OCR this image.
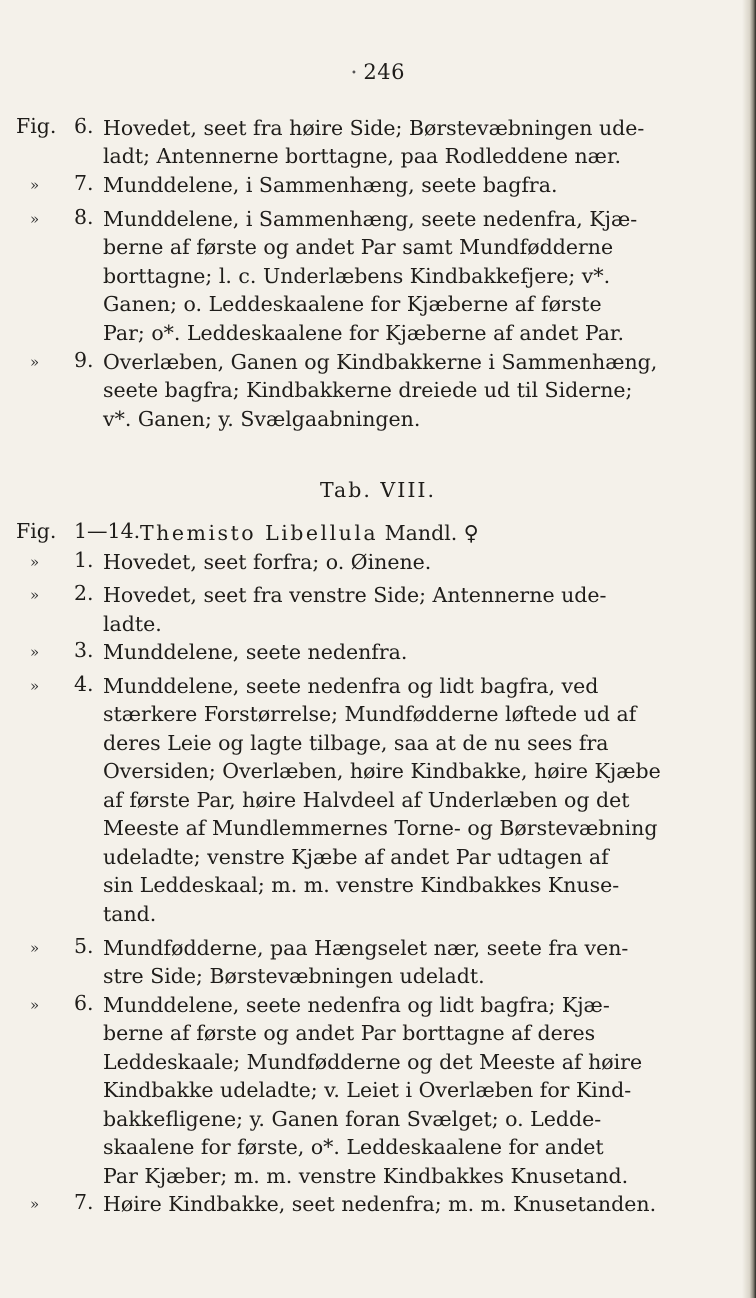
• 246
Fig. 6. Hovedet, seet fra høire Side; Børstevæbningen ude-
ladt; Antennerne borttagne, paa Rodleddene nær.
» 7. Munddelene, i Sammenhæng, seete bagfra.
» 8. Munddelene, i Sammenhæng, seete nedenfra, Kjæ-
berne af første og andet Par samt Mundfødderne
borttagne; l. c. Underlæbens Kindbakkefjere; v*.
Ganen; o. Leddeskaalene for Kjæberne af første
Par; o*. Leddeskaalene for Kjæberne af andet Par.
» 9. Overlæben, Ganen og Kindbakkerne i Sammenhæng,
seete bagfra; Kindbakkerne dreiede ud til Siderne;
v*. Ganen; y. Svælgaabningen.
Tab. VIII.
Fig. 1—14. Themisto Libellula Mandl. ♀
» 1. Hovedet, seet forfra; o. Øinene.
» 2. Hovedet, seet fra venstre Side; Antennerne ude-
ladte.
» 3. Munddelene, seete nedenfra.
» 4. Munddelene, seete nedenfra og lidt bagfra, ved
stærkere Forstørrelse; Mundfødderne løftede ud af
deres Leie og lagte tilbage, saa at de nu sees fra
Oversiden; Overlæben, høire Kindbakke, høire Kjæbe
af første Par, høire Halvdeel af Underlæben og det
Meeste af Mundlemmernes Torne- og Børstevæbning
udeladte; venstre Kjæbe af andet Par udtagen af
sin Leddeskaal; m. m. venstre Kindbakkes Knuse-
tand.
» 5. Mundfødderne, paa Hængselet nær, seete fra ven-
stre Side; Børstevæbningen udeladt.
» 6. Munddelene, seete nedenfra og lidt bagfra; Kjæ-
berne af første og andet Par borttagne af deres
Leddeskaale; Mundfødderne og det Meeste af høire
Kindbakke udeladte; v. Leiet i Overlæben for Kind-
bakkefligene; y. Ganen foran Svælget; o. Ledde-
skaalene for første, o*. Leddeskaalene for andet
Par Kjæber; m. m. venstre Kindbakkes Knusetand.
» 7. Høire Kindbakke, seet nedenfra; m. m. Knusetanden.
